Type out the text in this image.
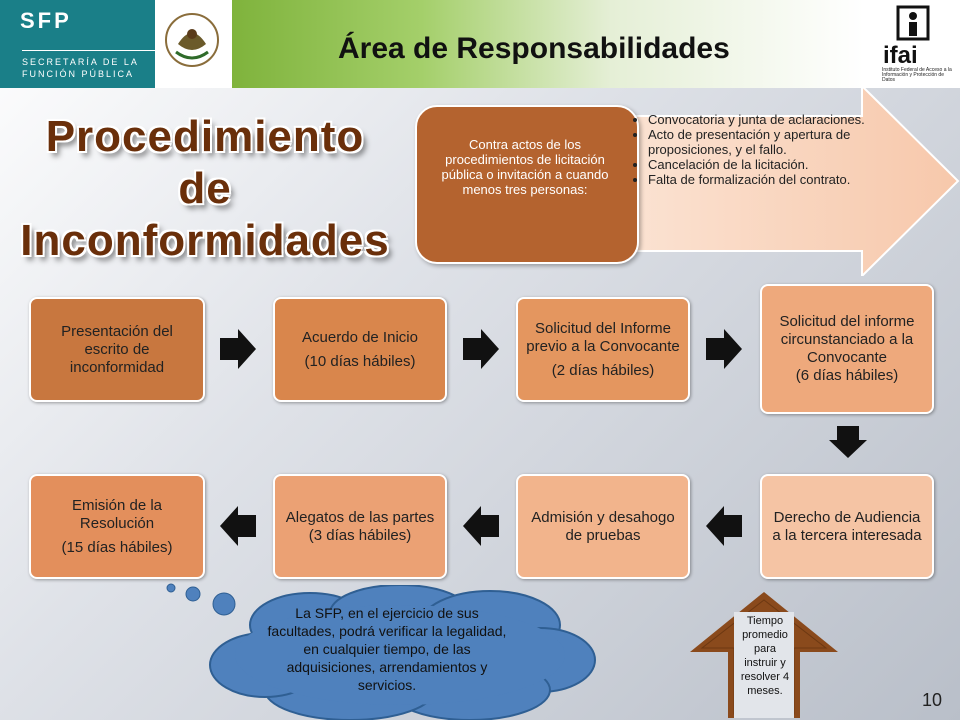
SFP
SECRETARÍA DE LA
FUNCIÓN PÚBLICA
Área de Responsabilidades	ifai
Instituto Federal de Acceso a la Información y Protección de Datos
Procedimiento
de
Inconformidades
Contra actos de los procedimientos de licitación pública o invitación a cuando menos tres personas:
• Convocatoria y junta de aclaraciones.
• Acto de presentación y apertura de proposiciones, y el fallo.
• Cancelación de la licitación.
• Falta de formalización del contrato.
Presentación del escrito de inconformidad
Acuerdo de Inicio
(10 días hábiles)
Solicitud del Informe previo a la Convocante
(2 días hábiles)
Solicitud del informe circunstanciado a la Convocante
(6 días hábiles)
Derecho de Audiencia a la tercera interesada
Admisión y desahogo de pruebas
Alegatos de las partes
(3 días hábiles)
Emisión de la Resolución
(15 días hábiles)
La SFP, en el ejercicio de sus facultades, podrá verificar la legalidad, en cualquier tiempo, de las adquisiciones, arrendamientos y servicios.
Tiempo promedio para instruir y resolver 4 meses.	10
